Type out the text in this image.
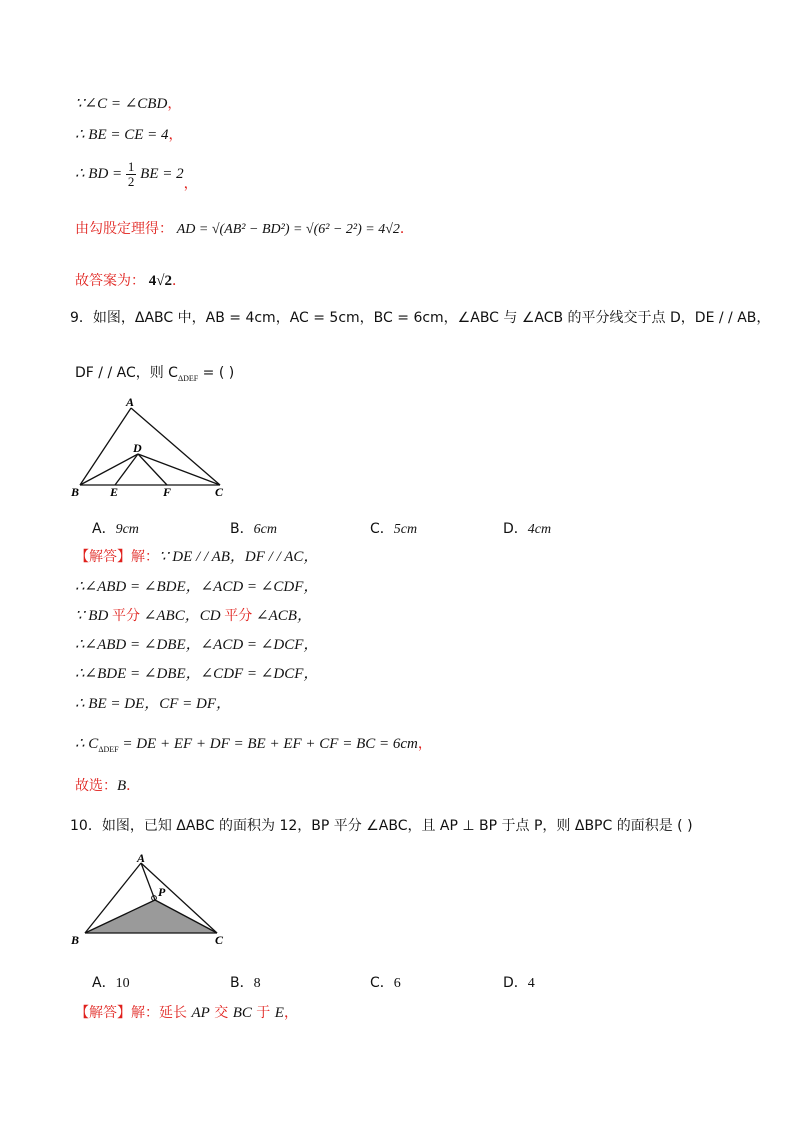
∵∠C = ∠CBD，
∴ BE = CE = 4，
∴ BD = $\frac{1}{2}$ BE = 2，
由勾股定理得： AD = √(AB² − BD²) = √(6² − 2²) = 4√2．
故答案为： 4√2．
9．如图，ΔABC 中，AB = 4cm，AC = 5cm，BC = 6cm，∠ABC 与 ∠ACB 的平分线交于点 D，DE / / AB，
DF / / AC，则 $C_{\Delta DEF}$ = ( )
A
B	C
D
E	F
A．9cm	B．6cm	C．5cm	D．4cm
【解答】解：∵ DE / / AB，DF / / AC，
∴∠ABD = ∠BDE，∠ACD = ∠CDF，
∵ BD 平分 ∠ABC，CD 平分 ∠ACB，
∴∠ABD = ∠DBE，∠ACD = ∠DCF，
∴∠BDE = ∠DBE，∠CDF = ∠DCF，
∴ BE = DE，CF = DF，
∴ $C_{\Delta DEF}$ = DE + EF + DF = BE + EF + CF = BC = 6cm，
故选：B．
10．如图，已知 ΔABC 的面积为 12，BP 平分 ∠ABC，且 AP ⊥ BP 于点 P，则 ΔBPC 的面积是 ( )
A
B	C
P
A．10	B．8	C．6	D．4
【解答】解：延长 AP 交 BC 于 E，
